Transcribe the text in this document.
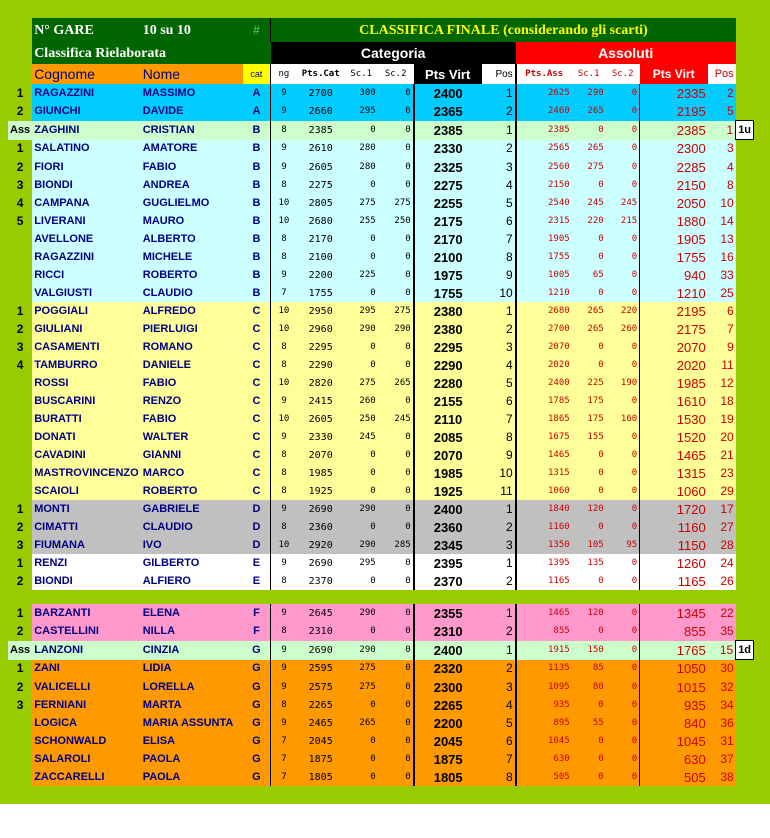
	N° GARE	10 su 10	#	CLASSIFICA FINALE (considerando gli scarti)											
	Classifica Rielaborata			Categoria						Assoluti					
	Cognome	Nome	cat	ng	Pts.Cat	Sc.1	Sc.2	Pts Virt	Pos	Pts.Ass	Sc.1	Sc.2	Pts Virt	Pos	
1	RAGAZZINI	MASSIMO	A	9	2700	300	0	2400	1	2625	290	0	2335	2	
2	GIUNCHI	DAVIDE	A	9	2660	295	0	2365	2	2460	265	0	2195	5	
Ass	ZAGHINI	CRISTIAN	B	8	2385	0	0	2385	1	2385	0	0	2385	1	1u
1	SALATINO	AMATORE	B	9	2610	280	0	2330	2	2565	265	0	2300	3	
2	FIORI	FABIO	B	9	2605	280	0	2325	3	2560	275	0	2285	4	
3	BIONDI	ANDREA	B	8	2275	0	0	2275	4	2150	0	0	2150	8	
4	CAMPANA	GUGLIELMO	B	10	2805	275	275	2255	5	2540	245	245	2050	10	
5	LIVERANI	MAURO	B	10	2680	255	250	2175	6	2315	220	215	1880	14	
	AVELLONE	ALBERTO	B	8	2170	0	0	2170	7	1905	0	0	1905	13	
	RAGAZZINI	MICHELE	B	8	2100	0	0	2100	8	1755	0	0	1755	16	
	RICCI	ROBERTO	B	9	2200	225	0	1975	9	1005	65	0	940	33	
	VALGIUSTI	CLAUDIO	B	7	1755	0	0	1755	10	1210	0	0	1210	25	
1	POGGIALI	ALFREDO	C	10	2950	295	275	2380	1	2680	265	220	2195	6	
2	GIULIANI	PIERLUIGI	C	10	2960	290	290	2380	2	2700	265	260	2175	7	
3	CASAMENTI	ROMANO	C	8	2295	0	0	2295	3	2070	0	0	2070	9	
4	TAMBURRO	DANIELE	C	8	2290	0	0	2290	4	2020	0	0	2020	11	
	ROSSI	FABIO	C	10	2820	275	265	2280	5	2400	225	190	1985	12	
	BUSCARINI	RENZO	C	9	2415	260	0	2155	6	1785	175	0	1610	18	
	BURATTI	FABIO	C	10	2605	250	245	2110	7	1865	175	160	1530	19	
	DONATI	WALTER	C	9	2330	245	0	2085	8	1675	155	0	1520	20	
	CAVADINI	GIANNI	C	8	2070	0	0	2070	9	1465	0	0	1465	21	
	MASTROVINCENZO	MARCO	C	8	1985	0	0	1985	10	1315	0	0	1315	23	
	SCAIOLI	ROBERTO	C	8	1925	0	0	1925	11	1060	0	0	1060	29	
1	MONTI	GABRIELE	D	9	2690	290	0	2400	1	1840	120	0	1720	17	
2	CIMATTI	CLAUDIO	D	8	2360	0	0	2360	2	1160	0	0	1160	27	
3	FIUMANA	IVO	D	10	2920	290	285	2345	3	1350	105	95	1150	28	
1	RENZI	GILBERTO	E	9	2690	295	0	2395	1	1395	135	0	1260	24	
2	BIONDI	ALFIERO	E	8	2370	0	0	2370	2	1165	0	0	1165	26	

1	BARZANTI	ELENA	F	9	2645	290	0	2355	1	1465	120	0	1345	22	
2	CASTELLINI	NILLA	F	8	2310	0	0	2310	2	855	0	0	855	35	
Ass	LANZONI	CINZIA	G	9	2690	290	0	2400	1	1915	150	0	1765	15	1d
1	ZANI	LIDIA	G	9	2595	275	0	2320	2	1135	85	0	1050	30	
2	VALICELLI	LORELLA	G	9	2575	275	0	2300	3	1095	80	0	1015	32	
3	FERNIANI	MARTA	G	8	2265	0	0	2265	4	935	0	0	935	34	
	LOGICA	MARIA ASSUNTA	G	9	2465	265	0	2200	5	895	55	0	840	36	
	SCHONWALD	ELISA	G	7	2045	0	0	2045	6	1045	0	0	1045	31	
	SALAROLI	PAOLA	G	7	1875	0	0	1875	7	630	0	0	630	37	
	ZACCARELLI	PAOLA	G	7	1805	0	0	1805	8	505	0	0	505	38	
